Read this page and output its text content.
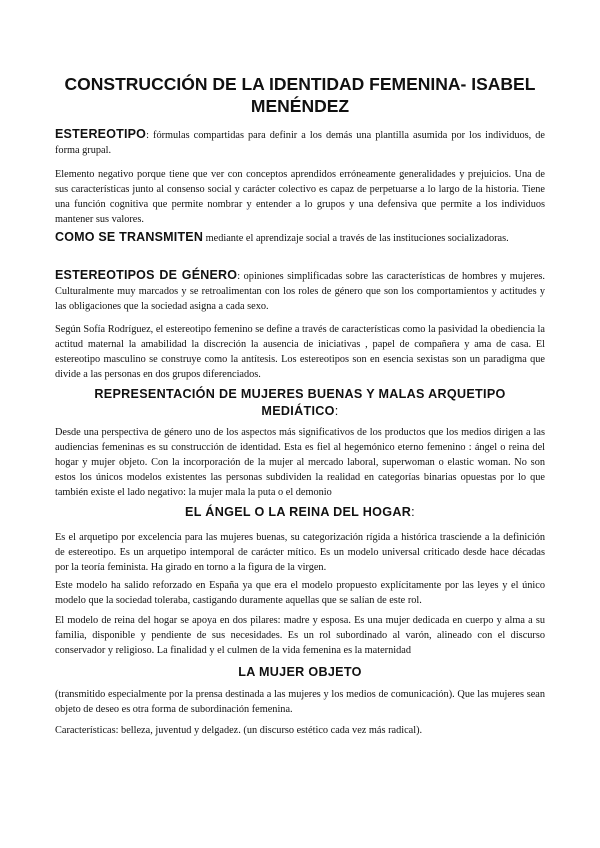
CONSTRUCCIÓN DE LA IDENTIDAD FEMENINA- ISABEL MENÉNDEZ

ESTEREOTIPO: fórmulas compartidas para definir a los demás una plantilla asumida por los individuos, de forma grupal.

Elemento negativo porque tiene que ver con conceptos aprendidos erróneamente generalidades y prejuicios. Una de sus características junto al consenso social y carácter colectivo es capaz de perpetuarse a lo largo de la historia. Tiene una función cognitiva que permite nombrar y entender a lo grupos y una defensiva que permite a los individuos mantener sus valores.

COMO SE TRANSMITEN mediante el aprendizaje social a través de las instituciones socializadoras.

ESTEREOTIPOS DE GÉNERO: opiniones simplificadas sobre las características de hombres y mujeres. Culturalmente muy marcados y se retroalimentan con los roles de género que son los comportamientos y actitudes y las obligaciones que la sociedad asigna a cada sexo.

Según Sofía Rodríguez, el estereotipo femenino se define a través de características como la pasividad la obediencia la actitud maternal la amabilidad la discreción la ausencia de iniciativas , papel de compañera y ama de casa. El estereotipo masculino se construye como la antítesis. Los estereotipos son en esencia sexistas son un paradigma que divide a las personas en dos grupos diferenciados.

REPRESENTACIÓN DE MUJERES BUENAS Y MALAS ARQUETIPO MEDIÁTICO:

Desde una perspectiva de género uno de los aspectos más significativos de los productos que los medios dirigen a las audiencias femeninas es su construcción de identidad. Esta es fiel al hegemónico eterno femenino : ángel o reina del hogar y mujer objeto. Con la incorporación de la mujer al mercado laboral, superwoman o elastic woman. No son estos los únicos modelos existentes las personas subdividen la realidad en categorías binarias opuestas por lo que también existe el lado negativo: la mujer mala la puta o el demonio

EL ÁNGEL O LA REINA DEL HOGAR:

Es el arquetipo por excelencia para las mujeres buenas, su categorización rígida a histórica trasciende a la definición de estereotipo. Es un arquetipo intemporal de carácter mítico. Es un modelo universal criticado desde hace décadas por la teoría feminista. Ha girado en torno a la figura de la virgen.

Este modelo ha salido reforzado en España ya que era el modelo propuesto explícitamente por las leyes y el único modelo que la sociedad toleraba, castigando duramente aquellas que se salían de este rol.

El modelo de reina del hogar se apoya en dos pilares: madre y esposa. Es una mujer dedicada en cuerpo y alma a su familia, disponible y pendiente de sus necesidades. Es un rol subordinado al varón, alineado con el discurso conservador y religioso. La finalidad y el culmen de la vida femenina es la maternidad

LA MUJER OBJETO

(transmitido especialmente por la prensa destinada a las mujeres y los medios de comunicación). Que las mujeres sean objeto de deseo es otra forma de subordinación femenina.

Características: belleza, juventud y delgadez. (un discurso estético cada vez más radical).
